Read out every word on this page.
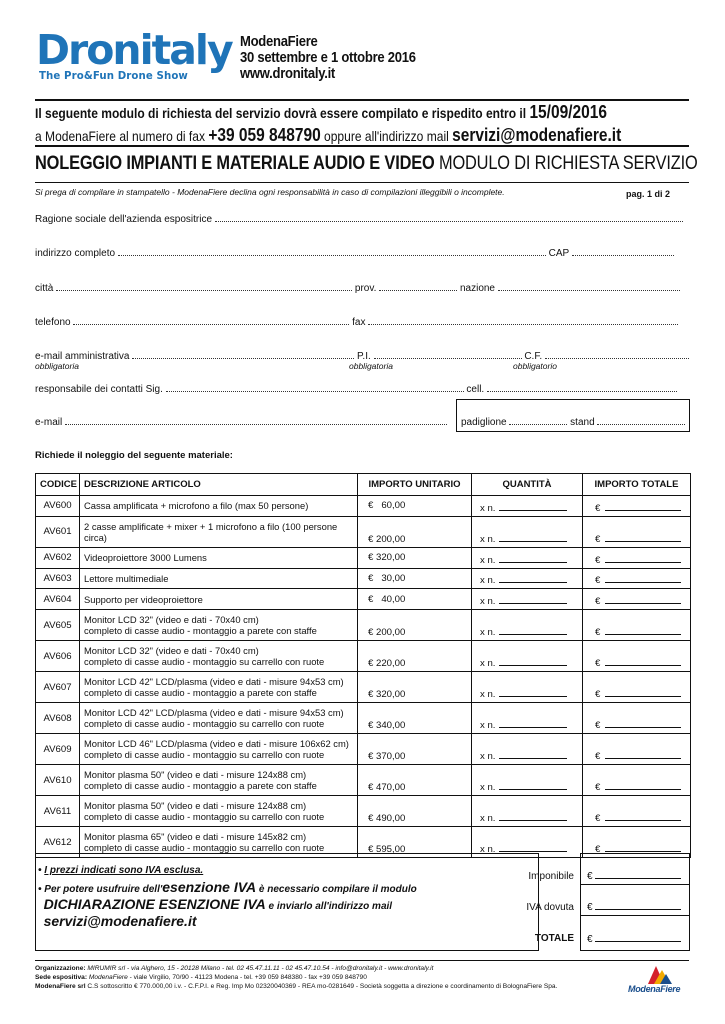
Dronitaly
The Pro&Fun Drone Show
ModenaFiere
30 settembre e 1 ottobre 2016
www.dronitaly.it
Il seguente modulo di richiesta del servizio dovrà essere compilato e rispedito entro il 15/09/2016
a ModenaFiere al numero di fax +39 059 848790 oppure all'indirizzo mail servizi@modenafiere.it
NOLEGGIO IMPIANTI E MATERIALE AUDIO E VIDEO MODULO DI RICHIESTA SERVIZIO
Si prega di compilare in stampatello - ModenaFiere declina ogni responsabilità in caso di compilazioni illeggibili o incomplete.	pag. 1 di 2
Ragione sociale dell'azienda espositrice
indirizzo completo	CAP
città	prov.	nazione
telefono	fax
e-mail amministrativa	P.I.	C.F.
obbligatoria	obbligatoria	obbligatorio
responsabile dei contatti Sig.	cell.
e-mail	padiglione	stand
Richiede il noleggio del seguente materiale:
CODICE	DESCRIZIONE ARTICOLO	IMPORTO UNITARIO	QUANTITÀ	IMPORTO TOTALE
AV600	Cassa amplificata + microfono a filo (max 50 persone)	€   60,00	x n.	€
AV601	2 casse amplificate + mixer + 1 microfono a filo (100 persone
circa)	€ 200,00	x n.	€
AV602	Videoproiettore 3000 Lumens	€ 320,00	x n.	€
AV603	Lettore multimediale	€   30,00	x n.	€
AV604	Supporto per videoproiettore	€   40,00	x n.	€
AV605	Monitor LCD 32" (video e dati - 70x40 cm)
completo di casse audio - montaggio a parete con staffe	€ 200,00	x n.	€
AV606	Monitor LCD 32" (video e dati - 70x40 cm)
completo di casse audio - montaggio su carrello con ruote	€ 220,00	x n.	€
AV607	Monitor LCD 42" LCD/plasma (video e dati - misure 94x53 cm)
completo di casse audio - montaggio a parete con staffe	€ 320,00	x n.	€
AV608	Monitor LCD 42" LCD/plasma (video e dati - misure 94x53 cm)
completo di casse audio - montaggio su carrello con ruote	€ 340,00	x n.	€
AV609	Monitor LCD 46" LCD/plasma (video e dati - misure 106x62 cm)
completo di casse audio - montaggio su carrello con ruote	€ 370,00	x n.	€
AV610	Monitor plasma 50" (video e dati - misure 124x88 cm)
completo di casse audio - montaggio a parete con staffe	€ 470,00	x n.	€
AV611	Monitor plasma 50" (video e dati - misure 124x88 cm)
completo di casse audio - montaggio su carrello con ruote	€ 490,00	x n.	€
AV612	Monitor plasma 65" (video e dati - misure 145x82 cm)
completo di casse audio - montaggio su carrello con ruote	€ 595,00	x n.	€
• I prezzi indicati sono IVA esclusa.
• Per potere usufruire dell'esenzione IVA è necessario compilare il modulo
DICHIARAZIONE ESENZIONE IVA e inviarlo all'indirizzo mail
servizi@modenafiere.it
Imponibile
IVA dovuta
TOTALE
€
€
€
Organizzazione: MIRUMIR srl - via Alghero, 15 - 20128 Milano - tel. 02 45.47.11.11 - 02 45.47.10.54 - info@dronitaly.it - www.dronitaly.it
Sede espositiva: ModenaFiere - viale Virgilio, 70/90 - 41123 Modena - tel. +39 059 848380 - fax +39 059 848790
ModenaFiere srl C.S sottoscritto € 770.000,00 i.v. - C.F.P.I. e Reg. Imp Mo 02320040369 - REA mo-0281649 - Società soggetta a direzione e coordinamento di BolognaFiere Spa.	ModenaFiere
